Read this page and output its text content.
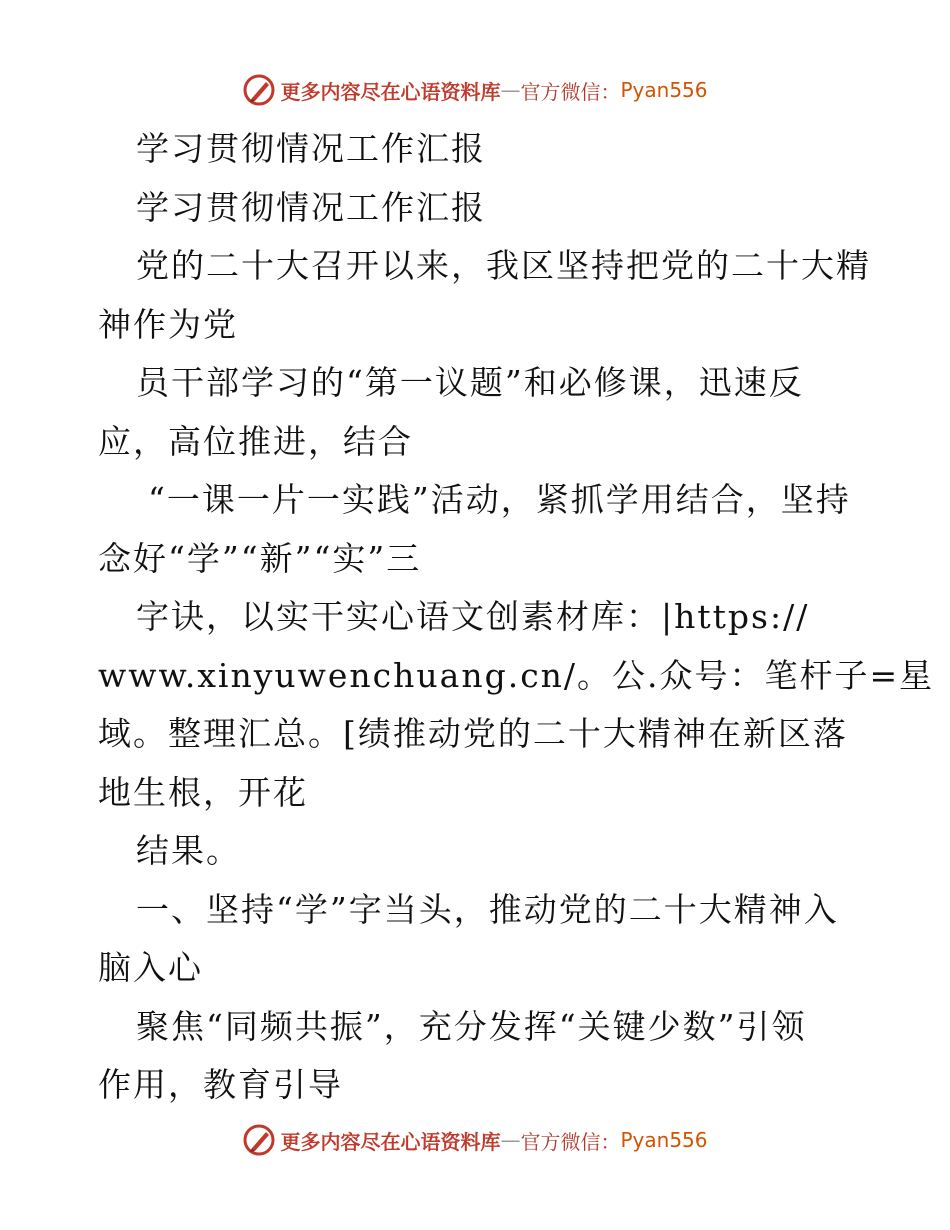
更多内容尽在心语资料库 — 官方微信： Pyan556
学习贯彻情况工作汇报
学习贯彻情况工作汇报
党的二十大召开以来，我区坚持把党的二十大精
神作为党
员干部学习的“第一议题”和必修课，迅速反
应，高位推进，结合
“一课一片一实践”活动，紧抓学用结合，坚持
念好“学”“新”“实”三
字诀，以实干实心语文创素材库：|https://
www.xinyuwenchuang.cn/。公.众号：笔杆子=星
域。整理汇总。[绩推动党的二十大精神在新区落
地生根，开花
结果。
一、坚持“学”字当头，推动党的二十大精神入
脑入心
聚焦“同频共振”，充分发挥“关键少数”引领
作用，教育引导
更多内容尽在心语资料库 — 官方微信： Pyan556
